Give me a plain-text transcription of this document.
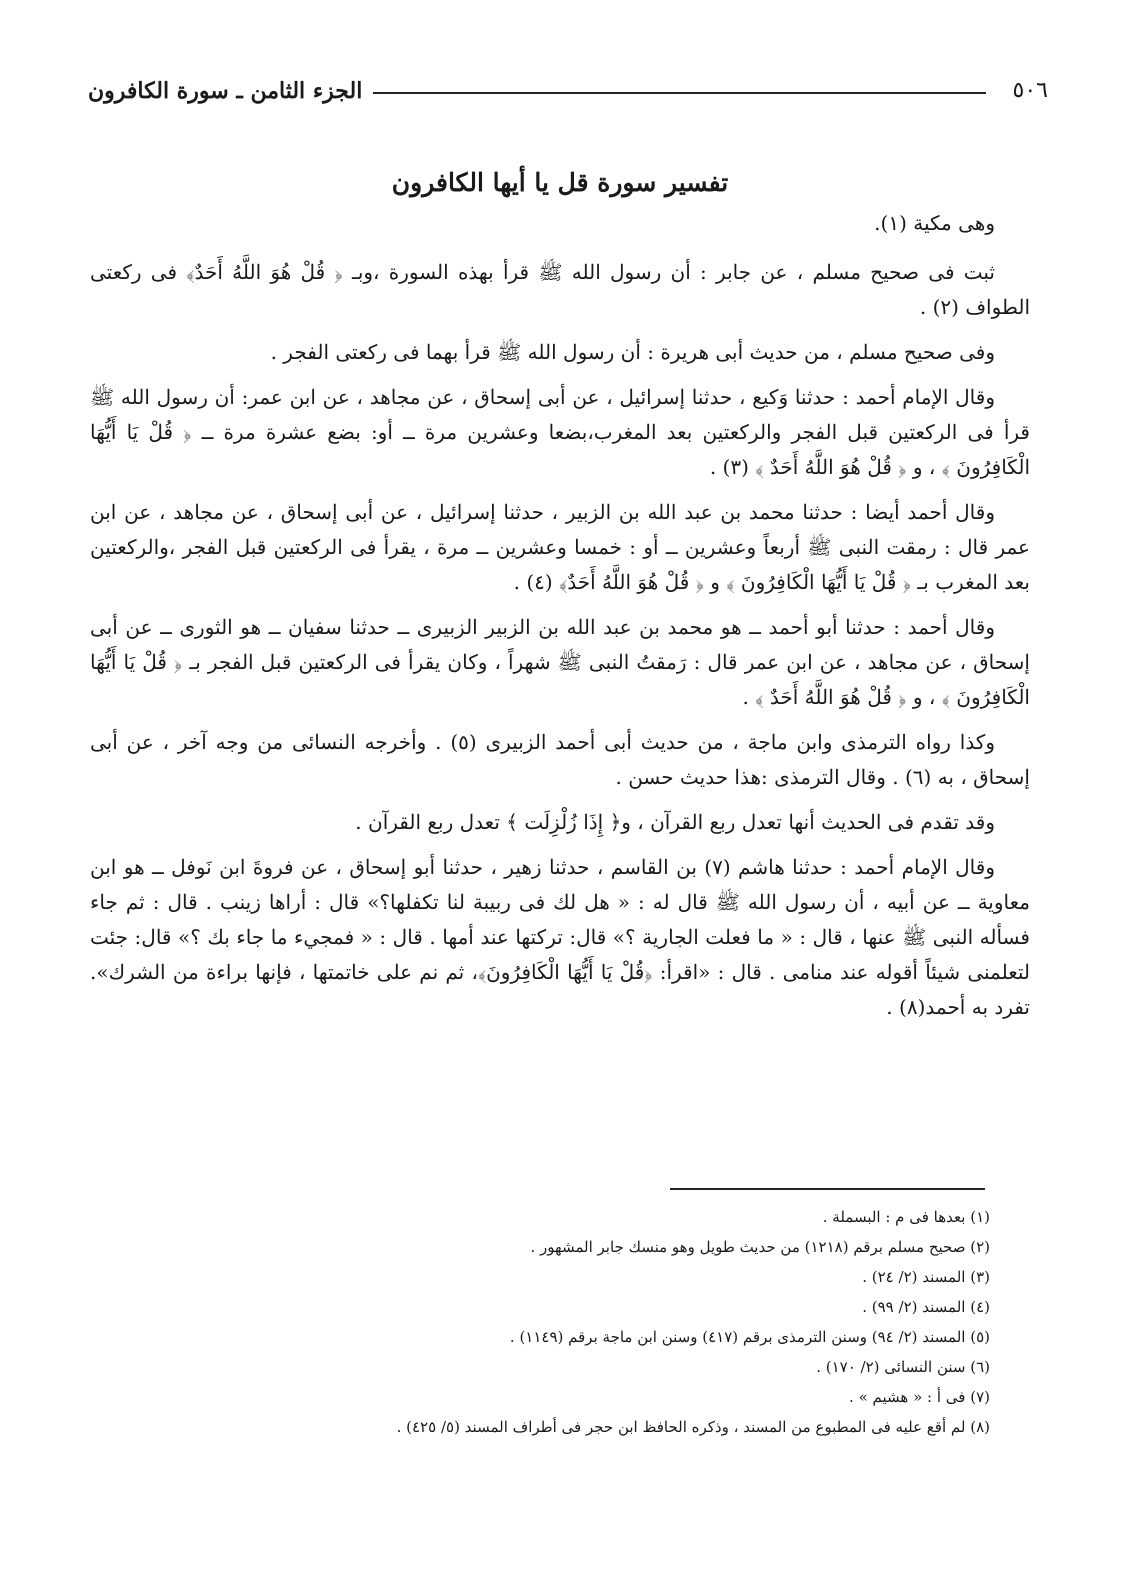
٥٠٦
الجزء الثامن ـ سورة الكافرون

تفسير سورة قل يا أيها الكافرون

وهى مكية (١).

ثبت فى صحيح مسلم ، عن جابر : أن رسول الله ﷺ قرأ بهذه السورة ،وبـ ﴿ قُلْ هُوَ اللَّهُ أَحَدٌ﴾ فى ركعتى الطواف (٢) .

وفى صحيح مسلم ، من حديث أبى هريرة : أن رسول الله ﷺ قرأ بهما فى ركعتى الفجر .

وقال الإمام أحمد : حدثنا وَكيع ، حدثنا إسرائيل ، عن أبى إسحاق ، عن مجاهد ، عن ابن عمر: أن رسول الله ﷺ قرأ فى الركعتين قبل الفجر والركعتين بعد المغرب،بضعا وعشرين مرة ــ أو: بضع عشرة مرة ــ ﴿ قُلْ يَا أَيُّهَا الْكَافِرُونَ ﴾ ، و ﴿ قُلْ هُوَ اللَّهُ أَحَدٌ ﴾ (٣) .

وقال أحمد أيضا : حدثنا محمد بن عبد الله بن الزبير ، حدثنا إسرائيل ، عن أبى إسحاق ، عن مجاهد ، عن ابن عمر قال : رمقت النبى ﷺ أربعاً وعشرين ــ أو : خمسا وعشرين ــ مرة ، يقرأ فى الركعتين قبل الفجر ،والركعتين بعد المغرب بـ ﴿ قُلْ يَا أَيُّهَا الْكَافِرُونَ ﴾ و ﴿ قُلْ هُوَ اللَّهُ أَحَدٌ﴾ (٤) .

وقال أحمد : حدثنا أبو أحمد ــ هو محمد بن عبد الله بن الزبير الزبيرى ــ حدثنا سفيان ــ هو الثورى ــ عن أبى إسحاق ، عن مجاهد ، عن ابن عمر قال : رَمقتُ النبى ﷺ شهراً ، وكان يقرأ فى الركعتين قبل الفجر بـ ﴿ قُلْ يَا أَيُّهَا الْكَافِرُونَ ﴾ ، و ﴿ قُلْ هُوَ اللَّهُ أَحَدٌ ﴾ .

وكذا رواه الترمذى وابن ماجة ، من حديث أبى أحمد الزبيرى (٥) . وأخرجه النسائى من وجه آخر ، عن أبى إسحاق ، به (٦) . وقال الترمذى :هذا حديث حسن .

وقد تقدم فى الحديث أنها تعدل ربع القرآن ، و﴿ إِذَا زُلْزِلَت ﴾ تعدل ربع القرآن .

وقال الإمام أحمد : حدثنا هاشم (٧) بن القاسم ، حدثنا زهير ، حدثنا أبو إسحاق ، عن فروةَ ابن نَوفل ــ هو ابن معاوية ــ عن أبيه ، أن رسول الله ﷺ قال له : « هل لك فى ربيبة لنا تكفلها؟» قال : أراها زينب . قال : ثم جاء فسأله النبى ﷺ عنها ، قال : « ما فعلت الجارية ؟» قال: تركتها عند أمها . قال : « فمجيء ما جاء بك ؟» قال: جئت لتعلمنى شيئاً أقوله عند منامى . قال : «اقرأ: ﴿قُلْ يَا أَيُّهَا الْكَافِرُونَ﴾، ثم نم على خاتمتها ، فإنها براءة من الشرك». تفرد به أحمد(٨) .

(١) بعدها فى م : البسملة .

(٢) صحيح مسلم برقم (١٢١٨) من حديث طويل وهو منسك جابر المشهور .

(٣) المسند (٢/ ٢٤) .

(٤) المسند (٢/ ٩٩) .

(٥) المسند (٢/ ٩٤) وسنن الترمذى برقم (٤١٧) وسنن ابن ماجة برقم (١١٤٩) .

(٦) سنن النسائى (٢/ ١٧٠) .

(٧) فى أ : « هشيم » .

(٨) لم أقع عليه فى المطبوع من المسند ، وذكره الحافظ ابن حجر فى أطراف المسند (٥/ ٤٢٥) .
